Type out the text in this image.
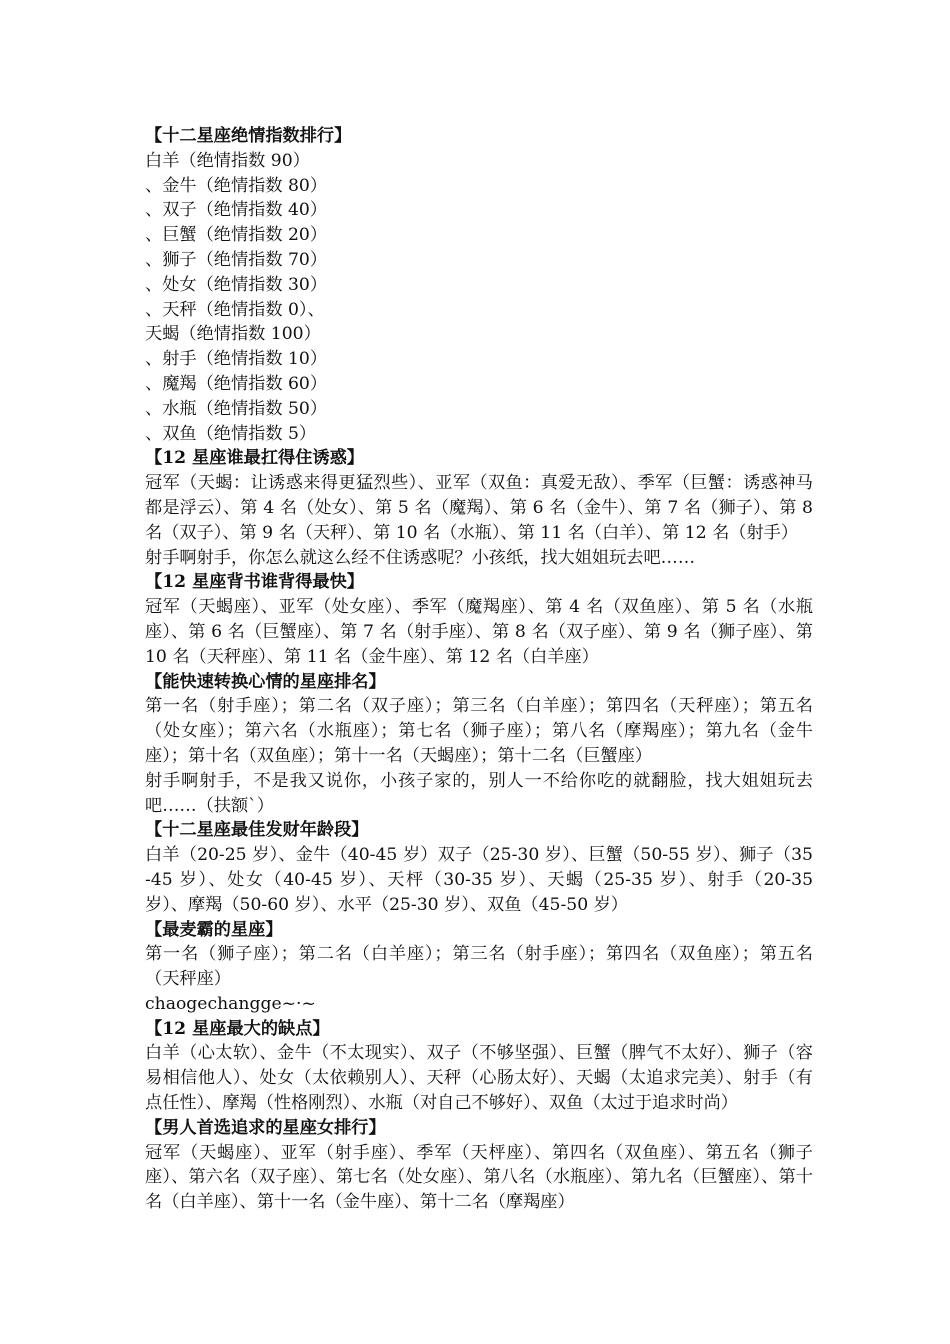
【十二星座绝情指数排行】
白羊（绝情指数 90）
、金牛（绝情指数 80）
、双子（绝情指数 40）
、巨蟹（绝情指数 20）
、狮子（绝情指数 70）
、处女（绝情指数 30）
、天秤（绝情指数 0）、
天蝎（绝情指数 100）
、射手（绝情指数 10）
、魔羯（绝情指数 60）
、水瓶（绝情指数 50）
、双鱼（绝情指数 5）
【12 星座谁最扛得住诱惑】

冠军（天蝎：让诱惑来得更猛烈些）、亚军（双鱼：真爱无敌）、季军（巨蟹：诱惑神马都是浮云）、第 4 名（处女）、第 5 名（魔羯）、第 6 名（金牛）、第 7 名（狮子）、第 8 名（双子）、第 9 名（天秤）、第 10 名（水瓶）、第 11 名（白羊）、第 12 名（射手）

射手啊射手，你怎么就这么经不住诱惑呢？小孩纸，找大姐姐玩去吧……

【12 星座背书谁背得最快】

冠军（天蝎座）、亚军（处女座）、季军（魔羯座）、第 4 名（双鱼座）、第 5 名（水瓶座）、第 6 名（巨蟹座）、第 7 名（射手座）、第 8 名（双子座）、第 9 名（狮子座）、第 10 名（天秤座）、第 11 名（金牛座）、第 12 名（白羊座）

【能快速转换心情的星座排名】

第一名（射手座）；第二名（双子座）；第三名（白羊座）；第四名（天秤座）；第五名（处女座）；第六名（水瓶座）；第七名（狮子座）；第八名（摩羯座）；第九名（金牛座）；第十名（双鱼座）；第十一名（天蝎座）；第十二名（巨蟹座）

射手啊射手，不是我又说你，小孩子家的，别人一不给你吃的就翻脸，找大姐姐玩去吧……（扶额`）

【十二星座最佳发财年龄段】

白羊（20-25 岁）、金牛（40-45 岁）双子（25-30 岁）、巨蟹（50-55 岁）、狮子（35-45 岁）、处女（40-45 岁）、天枰（30-35 岁）、天蝎（25-35 岁）、射手（20-35 岁）、摩羯（50-60 岁）、水平（25-30 岁）、双鱼（45-50 岁）

【最麦霸的星座】

第一名（狮子座）；第二名（白羊座）；第三名（射手座）；第四名（双鱼座）；第五名（天秤座）

chaogechangge~·~

【12 星座最大的缺点】

白羊（心太软）、金牛（不太现实）、双子（不够坚强）、巨蟹（脾气不太好）、狮子（容易相信他人）、处女（太依赖别人）、天秤（心肠太好）、天蝎（太追求完美）、射手（有点任性）、摩羯（性格刚烈）、水瓶（对自己不够好）、双鱼（太过于追求时尚）

【男人首选追求的星座女排行】

冠军（天蝎座）、亚军（射手座）、季军（天枰座）、第四名（双鱼座）、第五名（狮子座）、第六名（双子座）、第七名（处女座）、第八名（水瓶座）、第九名（巨蟹座）、第十名（白羊座）、第十一名（金牛座）、第十二名（摩羯座）
